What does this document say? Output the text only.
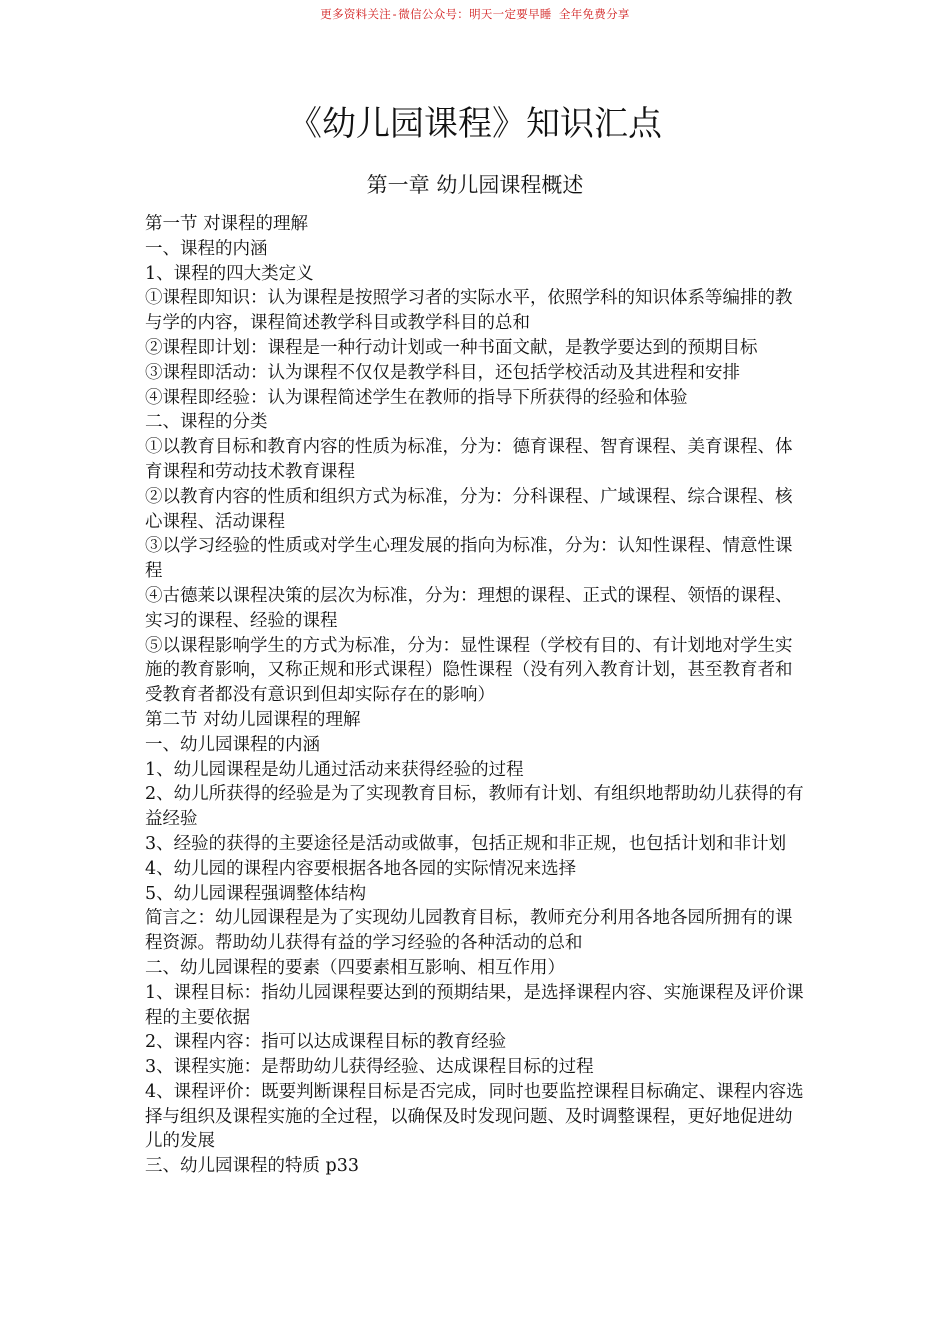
更多资料关注-微信公众号：明天一定要早睡 全年免费分享
《幼儿园课程》知识汇点
第一章 幼儿园课程概述

第一节 对课程的理解

一、课程的内涵

1、课程的四大类定义

①课程即知识：认为课程是按照学习者的实际水平，依照学科的知识体系等编排的教与学的内容，课程简述教学科目或教学科目的总和

②课程即计划：课程是一种行动计划或一种书面文献，是教学要达到的预期目标

③课程即活动：认为课程不仅仅是教学科目，还包括学校活动及其进程和安排

④课程即经验：认为课程简述学生在教师的指导下所获得的经验和体验

二、课程的分类

①以教育目标和教育内容的性质为标准，分为：德育课程、智育课程、美育课程、体育课程和劳动技术教育课程

②以教育内容的性质和组织方式为标准，分为：分科课程、广域课程、综合课程、核心课程、活动课程

③以学习经验的性质或对学生心理发展的指向为标准，分为：认知性课程、情意性课程

④古德莱以课程决策的层次为标准，分为：理想的课程、正式的课程、领悟的课程、实习的课程、经验的课程

⑤以课程影响学生的方式为标准，分为：显性课程（学校有目的、有计划地对学生实施的教育影响，又称正规和形式课程）隐性课程（没有列入教育计划，甚至教育者和受教育者都没有意识到但却实际存在的影响）

第二节 对幼儿园课程的理解

一、幼儿园课程的内涵

1、幼儿园课程是幼儿通过活动来获得经验的过程

2、幼儿所获得的经验是为了实现教育目标，教师有计划、有组织地帮助幼儿获得的有益经验

3、经验的获得的主要途径是活动或做事，包括正规和非正规，也包括计划和非计划

4、幼儿园的课程内容要根据各地各园的实际情况来选择

5、幼儿园课程强调整体结构

简言之：幼儿园课程是为了实现幼儿园教育目标，教师充分利用各地各园所拥有的课程资源。帮助幼儿获得有益的学习经验的各种活动的总和

二、幼儿园课程的要素（四要素相互影响、相互作用）

1、课程目标：指幼儿园课程要达到的预期结果，是选择课程内容、实施课程及评价课程的主要依据

2、课程内容：指可以达成课程目标的教育经验

3、课程实施：是帮助幼儿获得经验、达成课程目标的过程

4、课程评价：既要判断课程目标是否完成，同时也要监控课程目标确定、课程内容选择与组织及课程实施的全过程，以确保及时发现问题、及时调整课程，更好地促进幼儿的发展

三、幼儿园课程的特质 p33
